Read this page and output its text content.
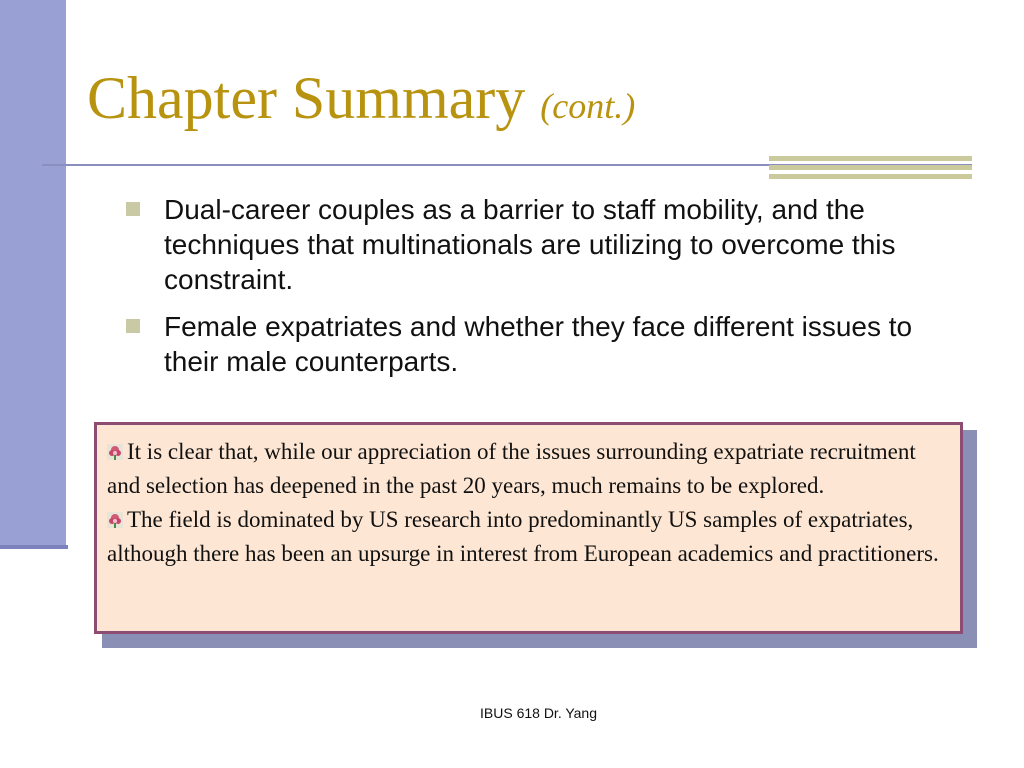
Chapter Summary (cont.)
Dual-career couples as a barrier to staff mobility, and the techniques that multinationals are utilizing to overcome this constraint.
Female expatriates and whether they face different issues to their male counterparts.

It is clear that, while our appreciation of the issues surrounding expatriate recruitment and selection has deepened in the past 20 years, much remains to be explored.

The field is dominated by US research into predominantly US samples of expatriates, although there has been an upsurge in interest from European academics and practitioners.

IBUS 618 Dr. Yang
